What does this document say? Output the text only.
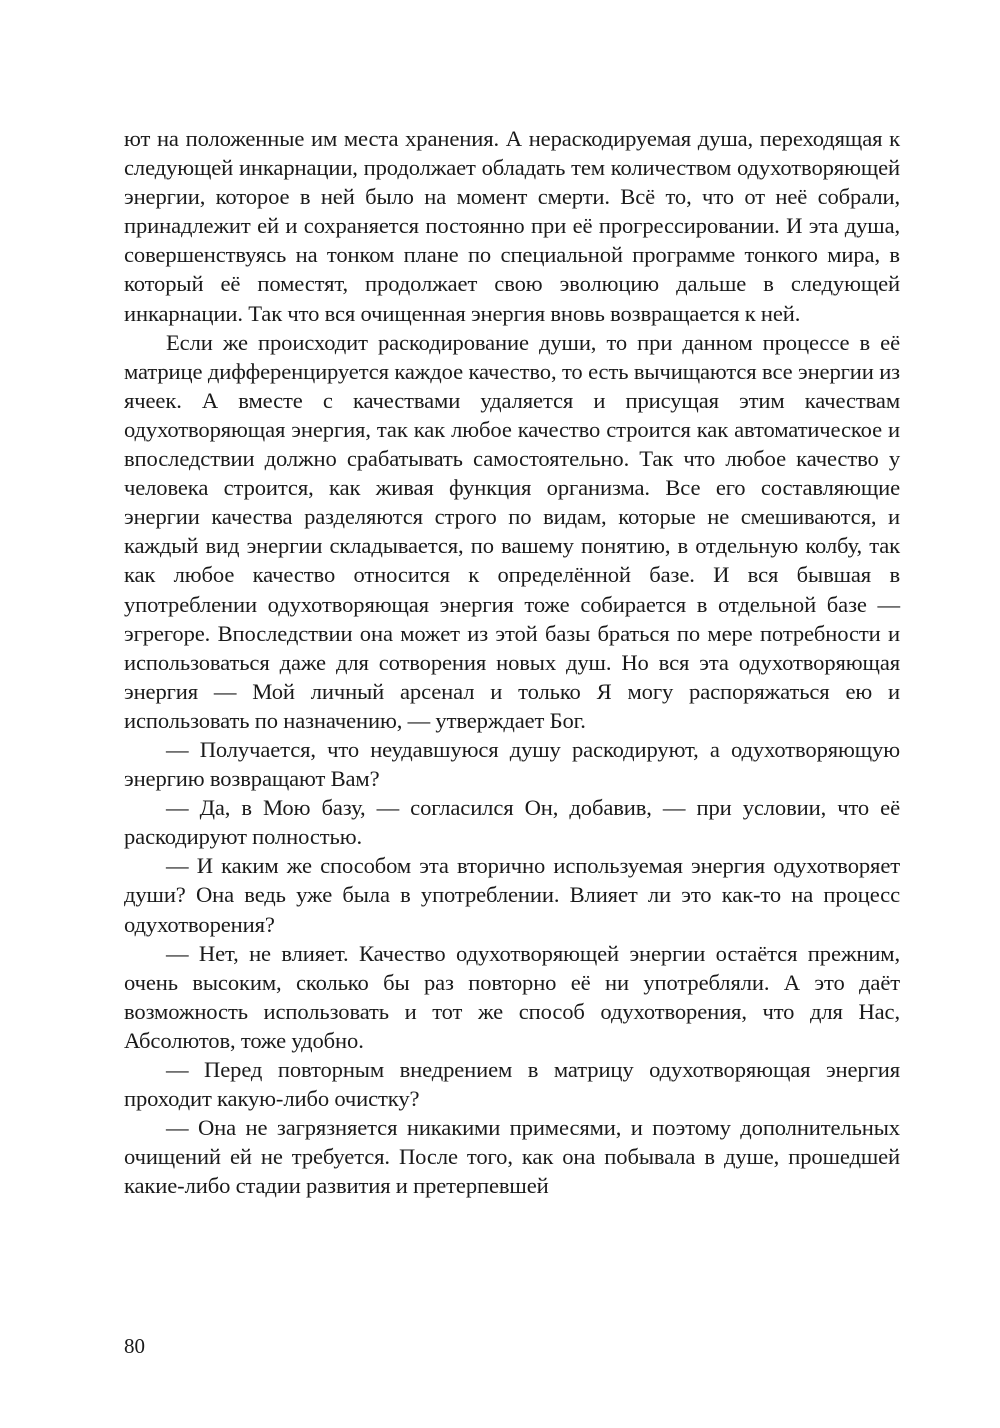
ют на положенные им места хранения. А нераскодируемая душа, переходящая к следующей инкарнации, продолжает обладать тем количеством одухотворяющей энергии, которое в ней было на момент смерти. Всё то, что от неё собрали, принадлежит ей и сохраняется постоянно при её прогрессировании. И эта душа, совершенствуясь на тонком плане по специальной программе тонкого мира, в который её поместят, продолжает свою эволюцию дальше в следующей инкарнации. Так что вся очищенная энергия вновь возвращается к ней.

Если же происходит раскодирование души, то при данном процессе в её матрице дифференцируется каждое качество, то есть вычищаются все энергии из ячеек. А вместе с качествами удаляется и присущая этим качествам одухотворяющая энергия, так как любое качество строится как автоматическое и впоследствии должно срабатывать самостоятельно. Так что любое качество у человека строится, как живая функция организма. Все его составляющие энергии качества разделяются строго по видам, которые не смешиваются, и каждый вид энергии складывается, по вашему понятию, в отдельную колбу, так как любое качество относится к определённой базе. И вся бывшая в употреблении одухотворяющая энергия тоже собирается в отдельной базе — эгрегоре. Впоследствии она может из этой базы браться по мере потребности и использоваться даже для сотворения новых душ. Но вся эта одухотворяющая энергия — Мой личный арсенал и только Я могу распоряжаться ею и использовать по назначению, — утверждает Бог.

— Получается, что неудавшуюся душу раскодируют, а одухотворяющую энергию возвращают Вам?

— Да, в Мою базу, — согласился Он, добавив, — при условии, что её раскодируют полностью.

— И каким же способом эта вторично используемая энергия одухотворяет души? Она ведь уже была в употреблении. Влияет ли это как-то на процесс одухотворения?

— Нет, не влияет. Качество одухотворяющей энергии остаётся прежним, очень высоким, сколько бы раз повторно её ни употребляли. А это даёт возможность использовать и тот же способ одухотворения, что для Нас, Абсолютов, тоже удобно.

— Перед повторным внедрением в матрицу одухотворяющая энергия проходит какую-либо очистку?

— Она не загрязняется никакими примесями, и поэтому дополнительных очищений ей не требуется. После того, как она побывала в душе, прошедшей какие-либо стадии развития и претерпевшей

80
